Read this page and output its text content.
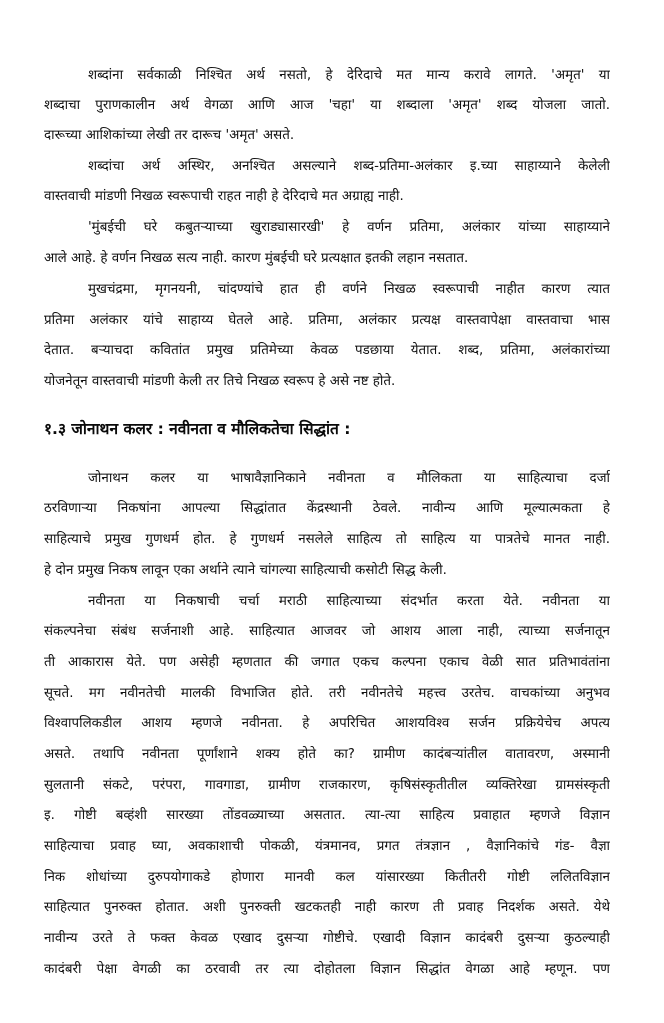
शब्दांना सर्वकाळी निश्चित अर्थ नसतो, हे देरिदाचे मत मान्य करावे लागते. 'अमृत' या
शब्दाचा पुराणकालीन अर्थ वेगळा आणि आज 'चहा' या शब्दाला 'अमृत' शब्द योजला जातो.
दारूच्या आशिकांच्या लेखी तर दारूच 'अमृत' असते.
शब्दांचा अर्थ अस्थिर, अनश्चित असल्याने शब्द-प्रतिमा-अलंकार इ.च्या साहाय्याने केलेली
वास्तवाची मांडणी निखळ स्वरूपाची राहत नाही हे देरिदाचे मत अग्राह्य नाही.
'मुंबईची घरे कबुतऱ्याच्या खुराड्यासारखी' हे वर्णन प्रतिमा, अलंकार यांच्या साहाय्याने
आले आहे. हे वर्णन निखळ सत्य नाही. कारण मुंबईची घरे प्रत्यक्षात इतकी लहान नसतात.
मुखचंद्रमा, मृगनयनी, चांदण्यांचे हात ही वर्णने निखळ स्वरूपाची नाहीत कारण त्यात
प्रतिमा अलंकार यांचे साहाय्य घेतले आहे. प्रतिमा, अलंकार प्रत्यक्ष वास्तवापेक्षा वास्तवाचा भास
देतात. बऱ्याचदा कवितांत प्रमुख प्रतिमेच्या केवळ पडछाया येतात. शब्द, प्रतिमा, अलंकारांच्या
योजनेतून वास्तवाची मांडणी केली तर तिचे निखळ स्वरूप हे असे नष्ट होते.
१.३ जोनाथन कलर : नवीनता व मौलिकतेचा सिद्धांत :
जोनाथन कलर या भाषावैज्ञानिकाने नवीनता व मौलिकता या साहित्याचा दर्जा
ठरविणाऱ्या निकषांना आपल्या सिद्धांतात केंद्रस्थानी ठेवले. नावीन्य आणि मूल्यात्मकता हे
साहित्याचे प्रमुख गुणधर्म होत. हे गुणधर्म नसलेले साहित्य तो साहित्य या पात्रतेचे मानत नाही.
हे दोन प्रमुख निकष लावून एका अर्थाने त्याने चांगल्या साहित्याची कसोटी सिद्ध केली.
नवीनता या निकषाची चर्चा मराठी साहित्याच्या संदर्भात करता येते. नवीनता या
संकल्पनेचा संबंध सर्जनाशी आहे. साहित्यात आजवर जो आशय आला नाही, त्याच्या सर्जनातून
ती आकारास येते. पण असेही म्हणतात की जगात एकच कल्पना एकाच वेळी सात प्रतिभावंतांना
सूचते. मग नवीनतेची मालकी विभाजित होते. तरी नवीनतेचे महत्त्व उरतेच. वाचकांच्या अनुभव
विश्वापलिकडील आशय म्हणजे नवीनता. हे अपरिचित आशयविश्व सर्जन प्रक्रियेचेच अपत्य
असते. तथापि नवीनता पूर्णांशाने शक्य होते का? ग्रामीण कादंबऱ्यांतील वातावरण, अस्मानी
सुलतानी संकटे, परंपरा, गावगाडा, ग्रामीण राजकारण, कृषिसंस्कृतीतील व्यक्तिरेखा ग्रामसंस्कृती
इ. गोष्टी बव्हंशी सारख्या तोंडवळ्याच्या असतात. त्या-त्या साहित्य प्रवाहात म्हणजे विज्ञान
साहित्याचा प्रवाह घ्या, अवकाशाची पोकळी, यंत्रमानव, प्रगत तंत्रज्ञान , वैज्ञानिकांचे गंड- वैज्ञा
निक शोधांच्या दुरुपयोगाकडे होणारा मानवी कल यांसारख्या कितीतरी गोष्टी ललितविज्ञान
साहित्यात पुनरुक्त होतात. अशी पुनरुक्ती खटकतही नाही कारण ती प्रवाह निदर्शक असते. येथे
नावीन्य उरते ते फक्त केवळ एखाद दुसऱ्या गोष्टीचे. एखादी विज्ञान कादंबरी दुसऱ्या कुठल्याही
कादंबरी पेक्षा वेगळी का ठरवावी तर त्या दोहोतला विज्ञान सिद्धांत वेगळा आहे म्हणून. पण
